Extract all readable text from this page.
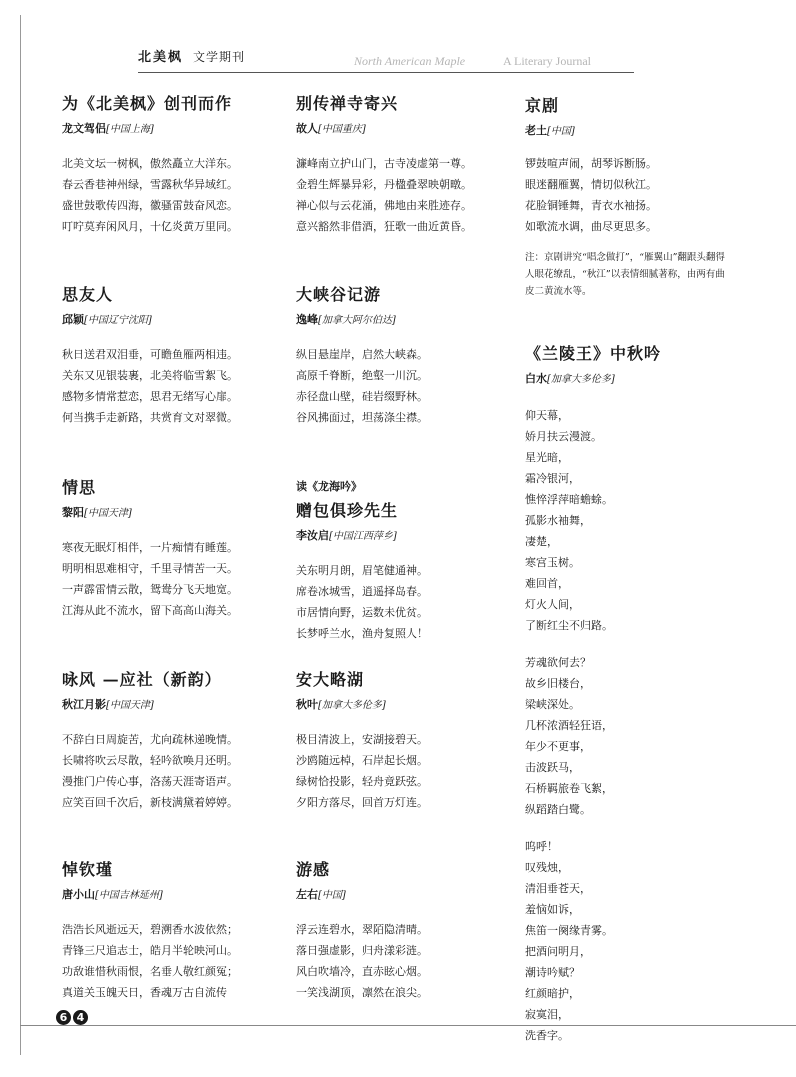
北美枫 文学期刊	North American Maple	A Literary Journal
为《北美枫》创刊而作
龙文驾侣[中国上海]
北美文坛一树枫，傲然矗立大洋东。
春云香巷神州绿，雪露秋华异域红。
盛世鼓歌传四海，徽骚雷鼓奋风恋。
叮咛莫弃闲风月，十亿炎黄万里同。
思友人
邱颖[中国辽宁沈阳]
秋日送君双泪垂，可瞻鱼雁两相违。
关东又见银装裹，北美将临雪絮飞。
感物多情常惹恋，思君无绪写心扉。
何当携手走新路，共赏育文对翠微。
情思
黎阳[中国天津]
寒夜无眠灯相伴，一片痴情有睡莲。
明明相思难相守，千里寻情苦一天。
一声霹雷情云散，鸳鸯分飞天地宽。
江海从此不流水，留下高高山海关。
咏风 —应社（新韵）
秋江月影[中国天津]
不辞白日周旋苦，尤向疏林递晚情。
长啸将吹云尽散，轻吟欲唤月还明。
漫推门户传心事，洛荡天涯寄语声。
应笑百回千次后，新枝满黛着婷婷。
悼钦瑾
唐小山[中国吉林延州]
浩浩长风逝远天，碧溯香水波依然；
青锋三尺追志士，皓月半轮映河山。
功敌谁惜秋雨恨，名垂人敬红颜冤；
真道关玉魄天日，香魂万古自流传
别传禅寺寄兴
故人[中国重庆]
濂峰南立护山门，古寺凌虚第一尊。
金碧生辉暴异彩，丹楹叠翠映朝暾。
禅心似与云花涌，佛地由来胜迹存。
意兴豁然非借酒，狂歌一曲近黄昏。
大峡谷记游
逸峰[加拿大阿尔伯达]
纵目悬崖岸，启然大峡森。
高原千脊断，绝壑一川沉。
赤径盘山壁，硅岩缀野林。
谷风拂面过，坦荡涤尘襟。
读《龙海吟》
赠包俱珍先生
李汝启[中国江西萍乡]
关东明月朗，眉笔健通神。
席卷冰城雪，逍遥择岛春。
市居情向野，运数未优贫。
长梦呼兰水，渔舟复照人！
安大略湖
秋叶[加拿大多伦多]
极目清波上，安湖接碧天。
沙鸥随远棹，石岸起长烟。
绿树恰投影，轻舟竟跃弦。
夕阳方落尽，回首万灯连。
游感
左右[中国]
浮云连碧水，翠陌隐清晴。
落日强虚影，归舟漾彩涟。
风白吹墙冷，直赤眩心烟。
一笑浅湖顶，凛然在浪尖。
京剧
老土[中国]
锣鼓喧声闹，胡琴诉断肠。
眼迷翻雁翼，情切似秋江。
花脸铜锤舞，青衣水袖扬。
如歌流水调，曲尽更思多。
注：京剧讲究“唱念做打”，“雁翼山”翻跟头翻得人眼花缭乱，“秋江”以表情细腻著称，由两有曲皮二黄流水等。
《兰陵王》中秋吟
白水[加拿大多伦多]
仰天幕，
娇月扶云漫渡。
星光暗，
霜冷银河，
憔悴浮萍暗蟾蜍。
孤影水袖舞，
凄楚，
寒宫玉树。
难回首，
灯火人间，
了断红尘不归路。
芳魂欲何去？
故乡旧楼台，
梁峡深处。
几杯浓酒轻狂语，
年少不更事，
击波跃马，
石桥羁旅卷飞絮，
纵蹈踏白鹭。
呜呼！
叹残烛，
清泪垂苍天，
羞恼如诉，
焦笛一阕缘青雾。
把酒问明月，
潮诗吟赋？
红颜暗护，
寂寞泪，
洗香字。
6 4
